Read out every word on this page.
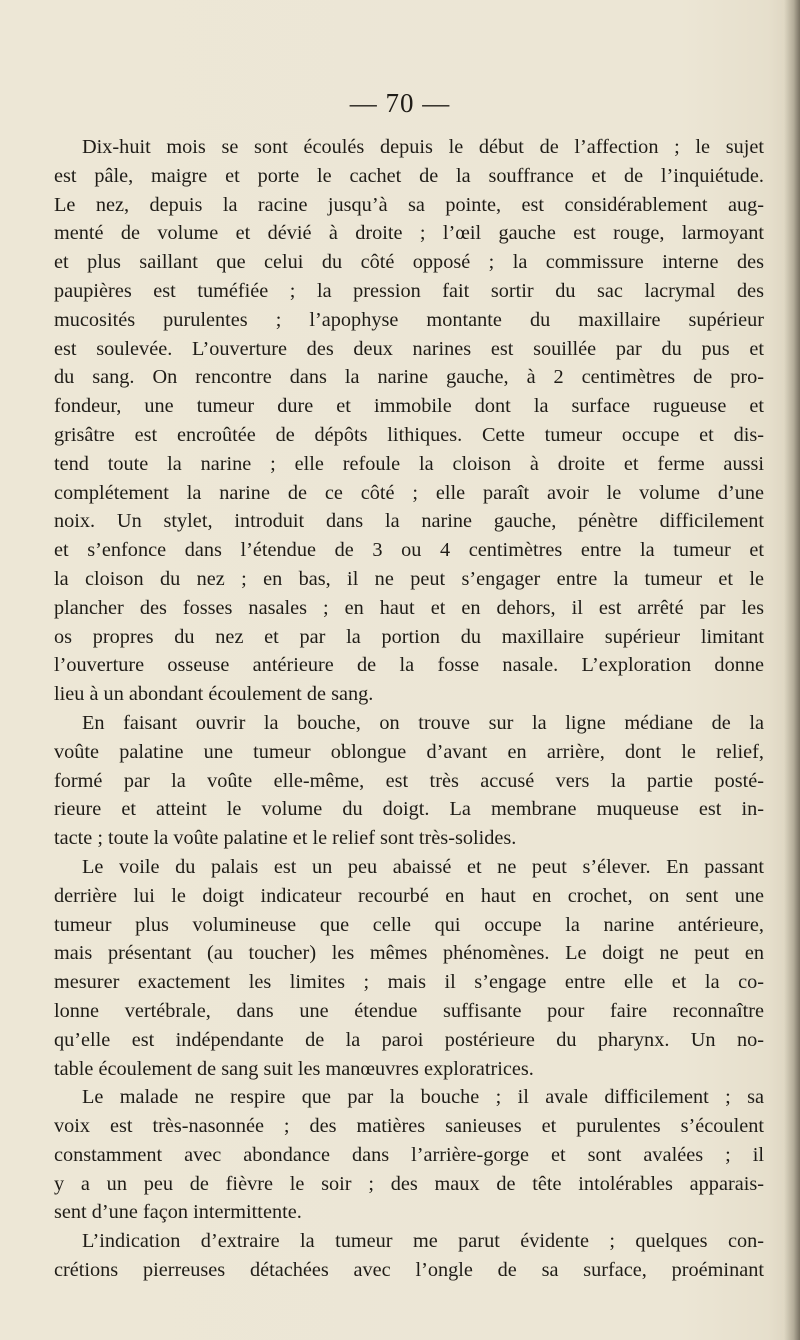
— 70 —
Dix-huit mois se sont écoulés depuis le début de l’affection ; le sujet
est pâle, maigre et porte le cachet de la souffrance et de l’inquiétude.
Le nez, depuis la racine jusqu’à sa pointe, est considérablement aug-
menté de volume et dévié à droite ; l’œil gauche est rouge, larmoyant
et plus saillant que celui du côté opposé ; la commissure interne des
paupières est tuméfiée ; la pression fait sortir du sac lacrymal des
mucosités purulentes ; l’apophyse montante du maxillaire supérieur
est soulevée. L’ouverture des deux narines est souillée par du pus et
du sang. On rencontre dans la narine gauche, à 2 centimètres de pro-
fondeur, une tumeur dure et immobile dont la surface rugueuse et
grisâtre est encroûtée de dépôts lithiques. Cette tumeur occupe et dis-
tend toute la narine ; elle refoule la cloison à droite et ferme aussi
complétement la narine de ce côté ; elle paraît avoir le volume d’une
noix. Un stylet, introduit dans la narine gauche, pénètre difficilement
et s’enfonce dans l’étendue de 3 ou 4 centimètres entre la tumeur et
la cloison du nez ; en bas, il ne peut s’engager entre la tumeur et le
plancher des fosses nasales ; en haut et en dehors, il est arrêté par les
os propres du nez et par la portion du maxillaire supérieur limitant
l’ouverture osseuse antérieure de la fosse nasale. L’exploration donne
lieu à un abondant écoulement de sang.
En faisant ouvrir la bouche, on trouve sur la ligne médiane de la
voûte palatine une tumeur oblongue d’avant en arrière, dont le relief,
formé par la voûte elle-même, est très accusé vers la partie posté-
rieure et atteint le volume du doigt. La membrane muqueuse est in-
tacte ; toute la voûte palatine et le relief sont très-solides.
Le voile du palais est un peu abaissé et ne peut s’élever. En passant
derrière lui le doigt indicateur recourbé en haut en crochet, on sent une
tumeur plus volumineuse que celle qui occupe la narine antérieure,
mais présentant (au toucher) les mêmes phénomènes. Le doigt ne peut en
mesurer exactement les limites ; mais il s’engage entre elle et la co-
lonne vertébrale, dans une étendue suffisante pour faire reconnaître
qu’elle est indépendante de la paroi postérieure du pharynx. Un no-
table écoulement de sang suit les manœuvres exploratrices.
Le malade ne respire que par la bouche ; il avale difficilement ; sa
voix est très-nasonnée ; des matières sanieuses et purulentes s’écoulent
constamment avec abondance dans l’arrière-gorge et sont avalées ; il
y a un peu de fièvre le soir ; des maux de tête intolérables apparais-
sent d’une façon intermittente.
L’indication d’extraire la tumeur me parut évidente ; quelques con-
crétions pierreuses détachées avec l’ongle de sa surface, proéminant
